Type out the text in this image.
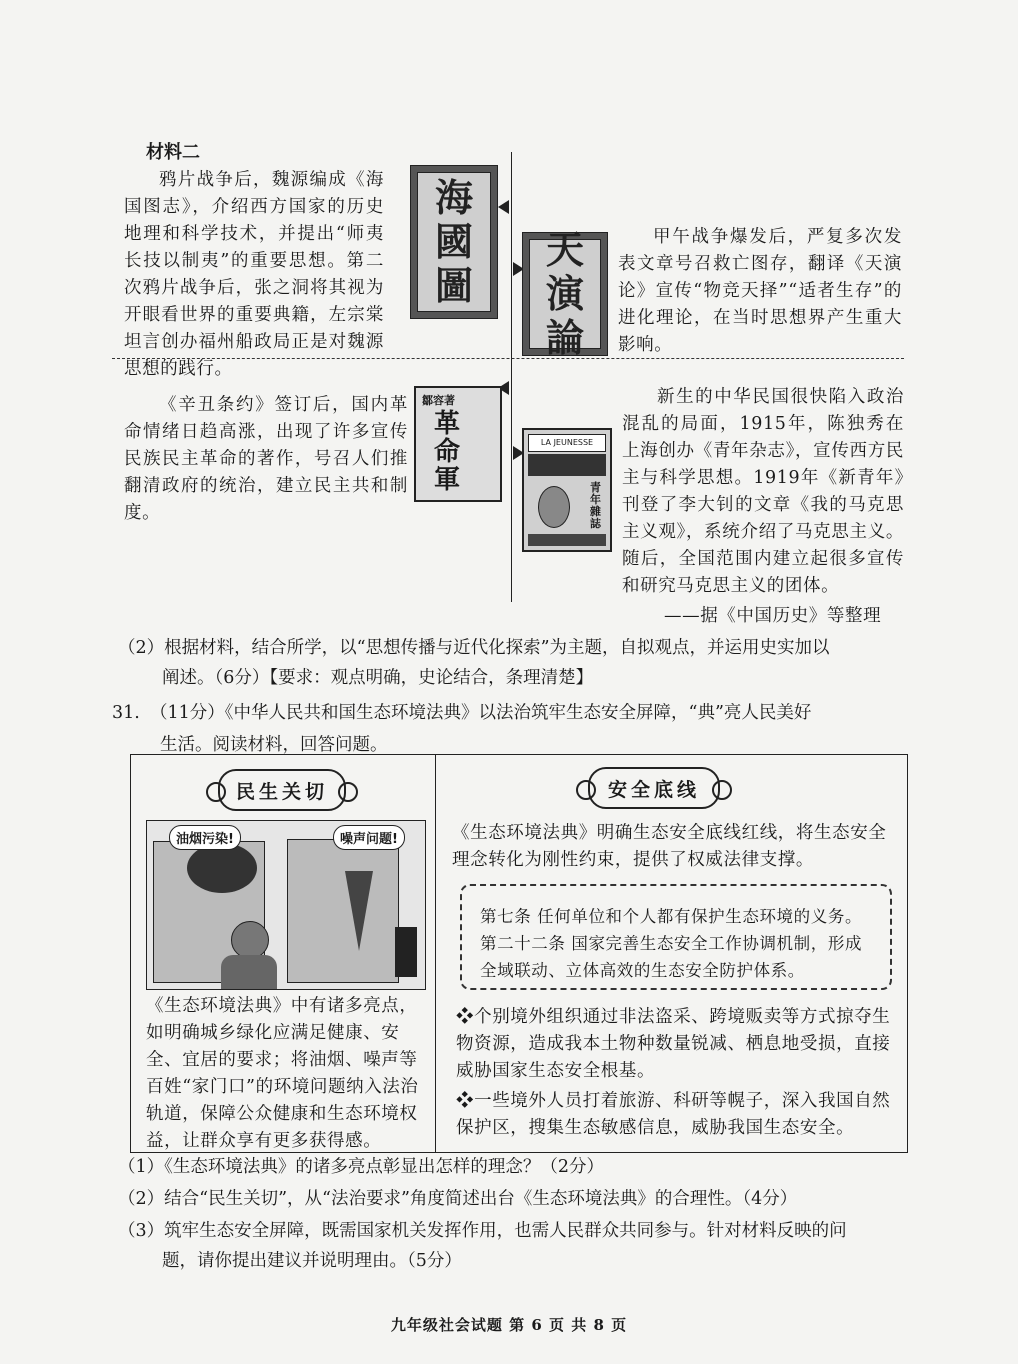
材料二
鸦片战争后，魏源编成《海国图志》，介绍西方国家的历史地理和科学技术，并提出“师夷长技以制夷”的重要思想。第二次鸦片战争后，张之洞将其视为开眼看世界的重要典籍，左宗棠坦言创办福州船政局正是对魏源思想的践行。
海
國
圖
天
演
論
甲午战争爆发后，严复多次发表文章号召救亡图存，翻译《天演论》宣传“物竞天择”“适者生存”的进化理论，在当时思想界产生重大影响。
《辛丑条约》签订后，国内革命情绪日趋高涨，出现了许多宣传民族民主革命的著作，号召人们推翻清政府的统治，建立民主共和制度。
鄒容著
革
命
軍
LA JEUNESSE
青年雜誌
新生的中华民国很快陷入政治混乱的局面，1915年，陈独秀在上海创办《青年杂志》，宣传西方民主与科学思想。1919年《新青年》刊登了李大钊的文章《我的马克思主义观》，系统介绍了马克思主义。随后，全国范围内建立起很多宣传和研究马克思主义的团体。
——据《中国历史》等整理
（2）根据材料，结合所学，以“思想传播与近代化探索”为主题，自拟观点，并运用史实加以
阐述。（6分）【要求：观点明确，史论结合，条理清楚】
31. （11分）《中华人民共和国生态环境法典》以法治筑牢生态安全屏障，“典”亮人民美好
生活。阅读材料，回答问题。
民生关切
油烟污染!	噪声问题!
《生态环境法典》中有诸多亮点，如明确城乡绿化应满足健康、安全、宜居的要求；将油烟、噪声等百姓“家门口”的环境问题纳入法治轨道，保障公众健康和生态环境权益，让群众享有更多获得感。
安全底线
《生态环境法典》明确生态安全底线红线，将生态安全理念转化为刚性约束，提供了权威法律支撑。
第七条 任何单位和个人都有保护生态环境的义务。
第二十二条 国家完善生态安全工作协调机制，形成全域联动、立体高效的生态安全防护体系。
❖个别境外组织通过非法盗采、跨境贩卖等方式掠夺生物资源，造成我本土物种数量锐减、栖息地受损，直接威胁国家生态安全根基。
❖一些境外人员打着旅游、科研等幌子，深入我国自然保护区，搜集生态敏感信息，威胁我国生态安全。
（1）《生态环境法典》的诸多亮点彰显出怎样的理念？（2分）
（2）结合“民生关切”，从“法治要求”角度简述出台《生态环境法典》的合理性。（4分）
（3）筑牢生态安全屏障，既需国家机关发挥作用，也需人民群众共同参与。针对材料反映的问
题，请你提出建议并说明理由。（5分）
九年级社会试题 第 6 页 共 8 页
